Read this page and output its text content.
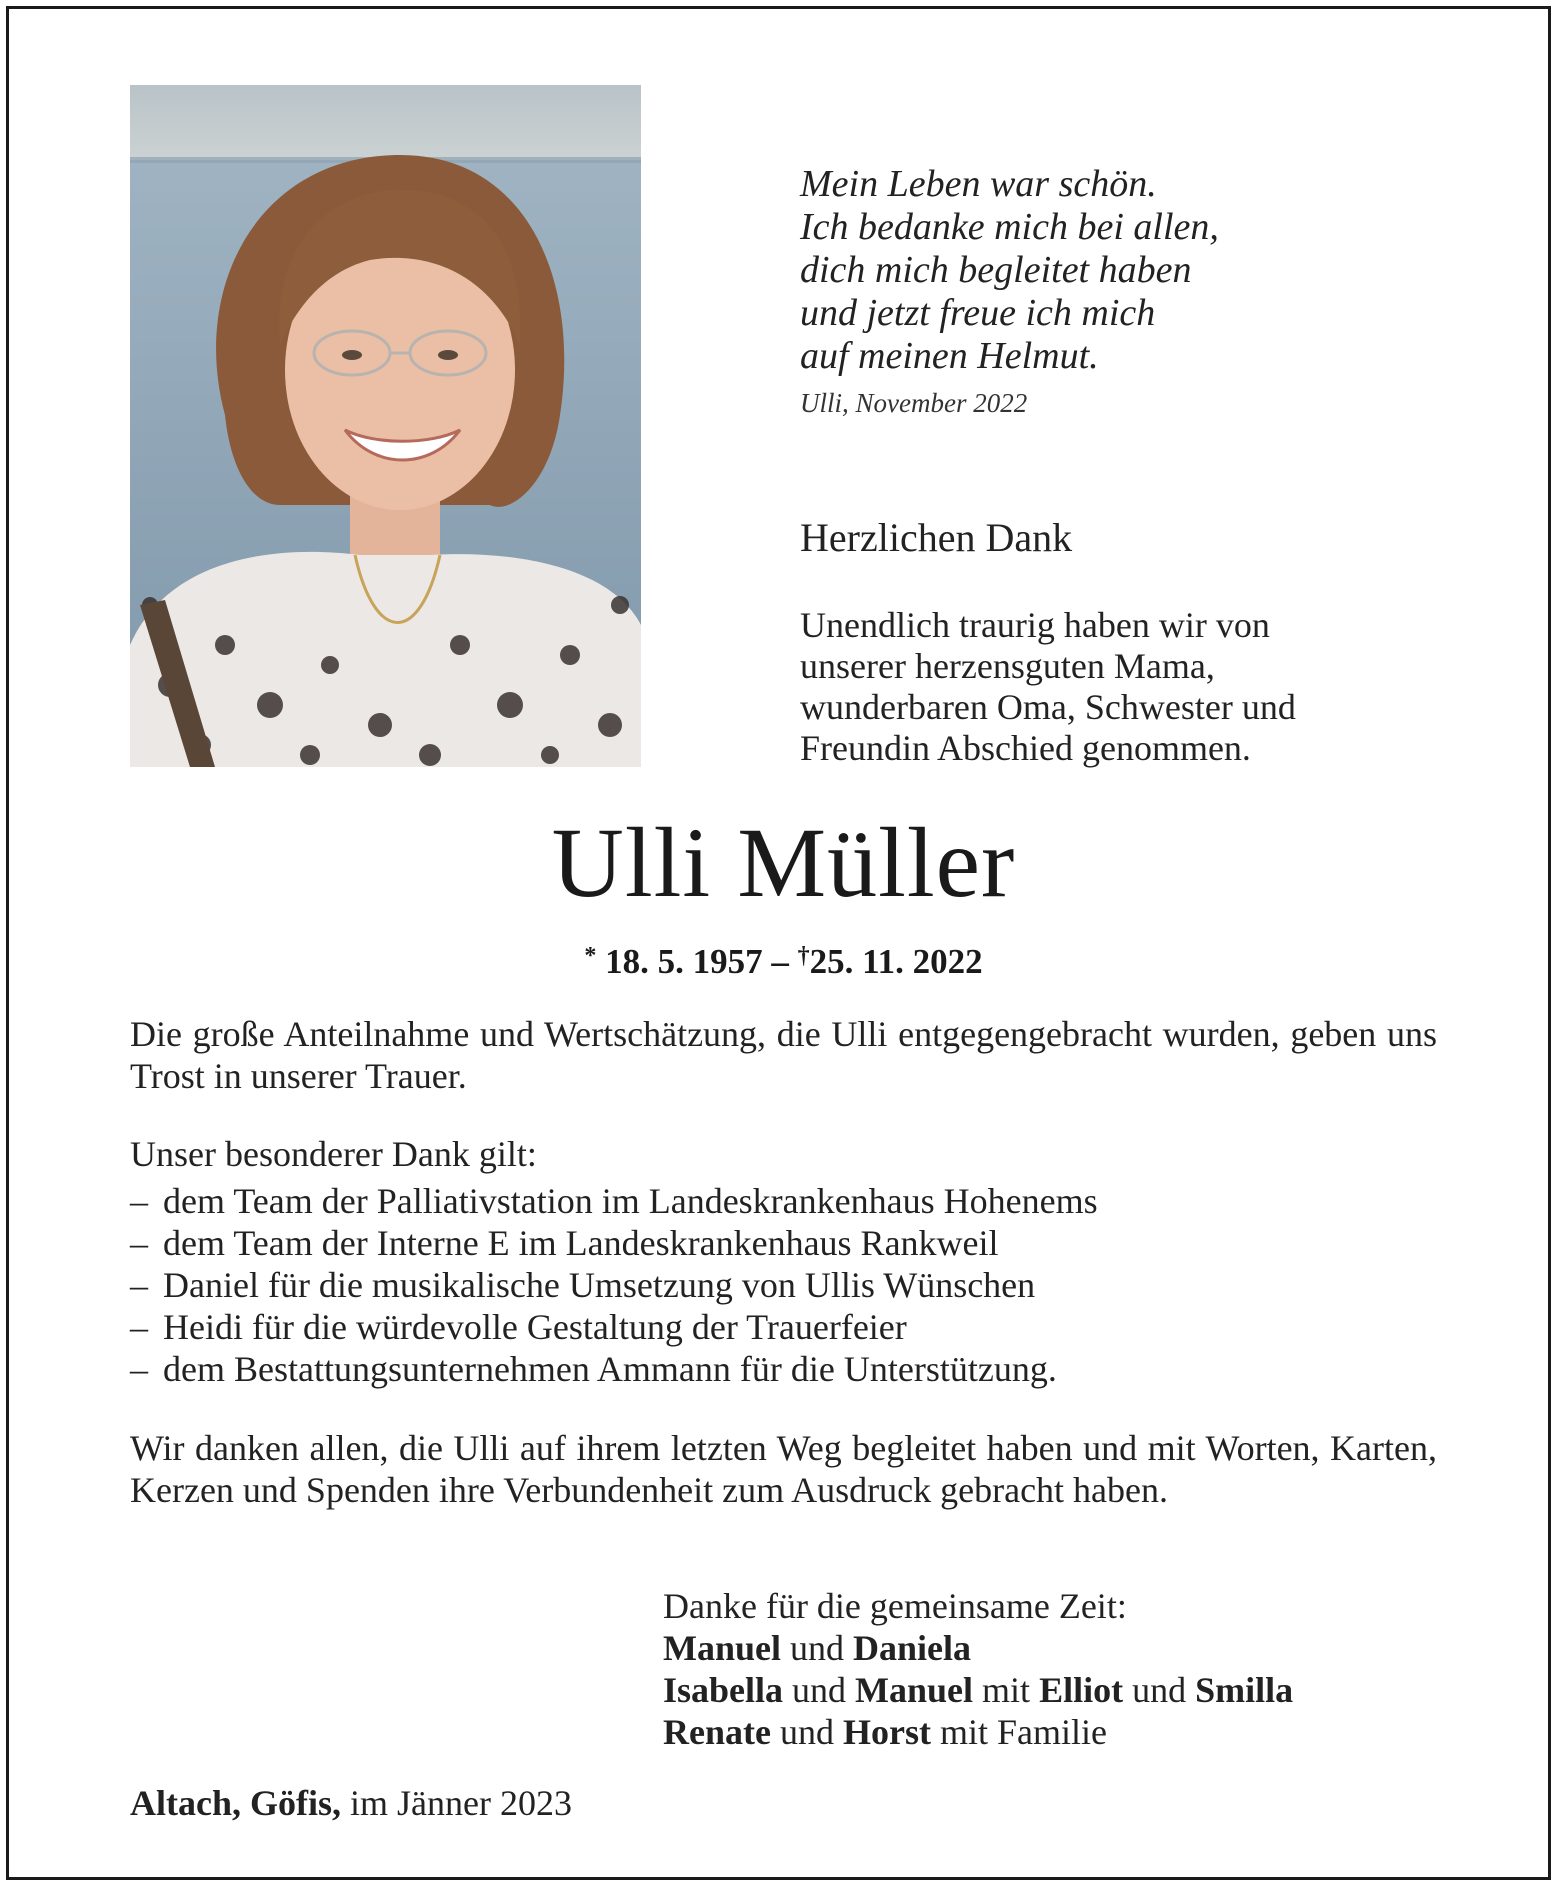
Mein Leben war schön.
Ich bedanke mich bei allen,
dich mich begleitet haben
und jetzt freue ich mich
auf meinen Helmut.
Ulli, November 2022
Herzlichen Dank
Unendlich traurig haben wir von
unserer herzensguten Mama,
wunderbaren Oma, Schwester und
Freundin Abschied genommen.
Ulli Müller
* 18. 5. 1957 – †25. 11. 2022

Die große Anteilnahme und Wertschätzung, die Ulli entgegengebracht wurden, geben uns Trost in unserer Trauer.

Unser besonderer Dank gilt:
– dem Team der Palliativstation im Landeskrankenhaus Hohenems
– dem Team der Interne E im Landeskrankenhaus Rankweil
– Daniel für die musikalische Umsetzung von Ullis Wünschen
– Heidi für die würdevolle Gestaltung der Trauerfeier
– dem Bestattungsunternehmen Ammann für die Unterstützung.

Wir danken allen, die Ulli auf ihrem letzten Weg begleitet haben und mit Worten, Karten, Kerzen und Spenden ihre Verbundenheit zum Ausdruck gebracht haben.

Danke für die gemeinsame Zeit:
Manuel und Daniela
Isabella und Manuel mit Elliot und Smilla
Renate und Horst mit Familie
Altach, Göfis, im Jänner 2023
